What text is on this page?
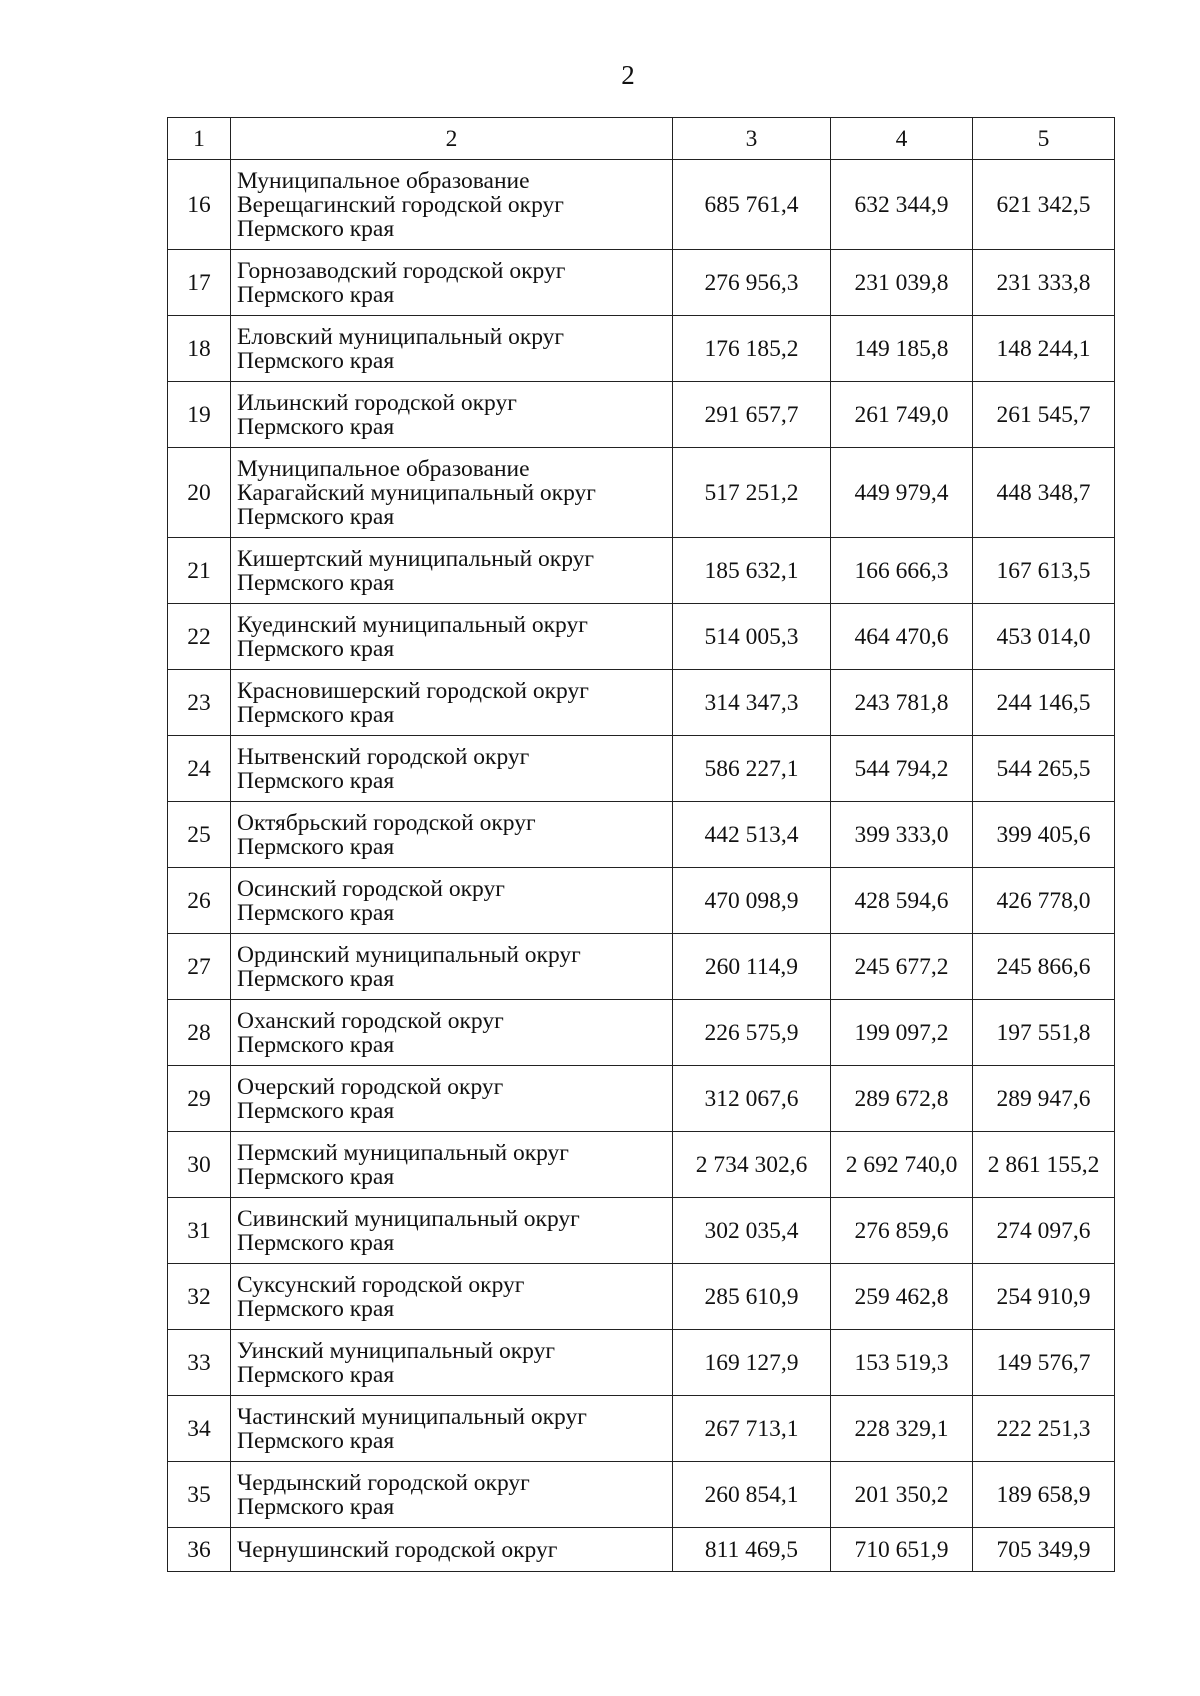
2
1	2	3	4	5
16	Муниципальное образование
Верещагинский городской округ
Пермского края	685 761,4	632 344,9	621 342,5
17	Горнозаводский городской округ
Пермского края	276 956,3	231 039,8	231 333,8
18	Еловский муниципальный округ
Пермского края	176 185,2	149 185,8	148 244,1
19	Ильинский городской округ
Пермского края	291 657,7	261 749,0	261 545,7
20	Муниципальное образование
Карагайский муниципальный округ
Пермского края	517 251,2	449 979,4	448 348,7
21	Кишертский муниципальный округ
Пермского края	185 632,1	166 666,3	167 613,5
22	Куединский муниципальный округ
Пермского края	514 005,3	464 470,6	453 014,0
23	Красновишерский городской округ
Пермского края	314 347,3	243 781,8	244 146,5
24	Нытвенский городской округ
Пермского края	586 227,1	544 794,2	544 265,5
25	Октябрьский городской округ
Пермского края	442 513,4	399 333,0	399 405,6
26	Осинский городской округ
Пермского края	470 098,9	428 594,6	426 778,0
27	Ординский муниципальный округ
Пермского края	260 114,9	245 677,2	245 866,6
28	Оханский городской округ
Пермского края	226 575,9	199 097,2	197 551,8
29	Очерский городской округ
Пермского края	312 067,6	289 672,8	289 947,6
30	Пермский муниципальный округ
Пермского края	2 734 302,6	2 692 740,0	2 861 155,2
31	Сивинский муниципальный округ
Пермского края	302 035,4	276 859,6	274 097,6
32	Суксунский городской округ
Пермского края	285 610,9	259 462,8	254 910,9
33	Уинский муниципальный округ
Пермского края	169 127,9	153 519,3	149 576,7
34	Частинский муниципальный округ
Пермского края	267 713,1	228 329,1	222 251,3
35	Чердынский городской округ
Пермского края	260 854,1	201 350,2	189 658,9
36	Чернушинский городской округ	811 469,5	710 651,9	705 349,9
